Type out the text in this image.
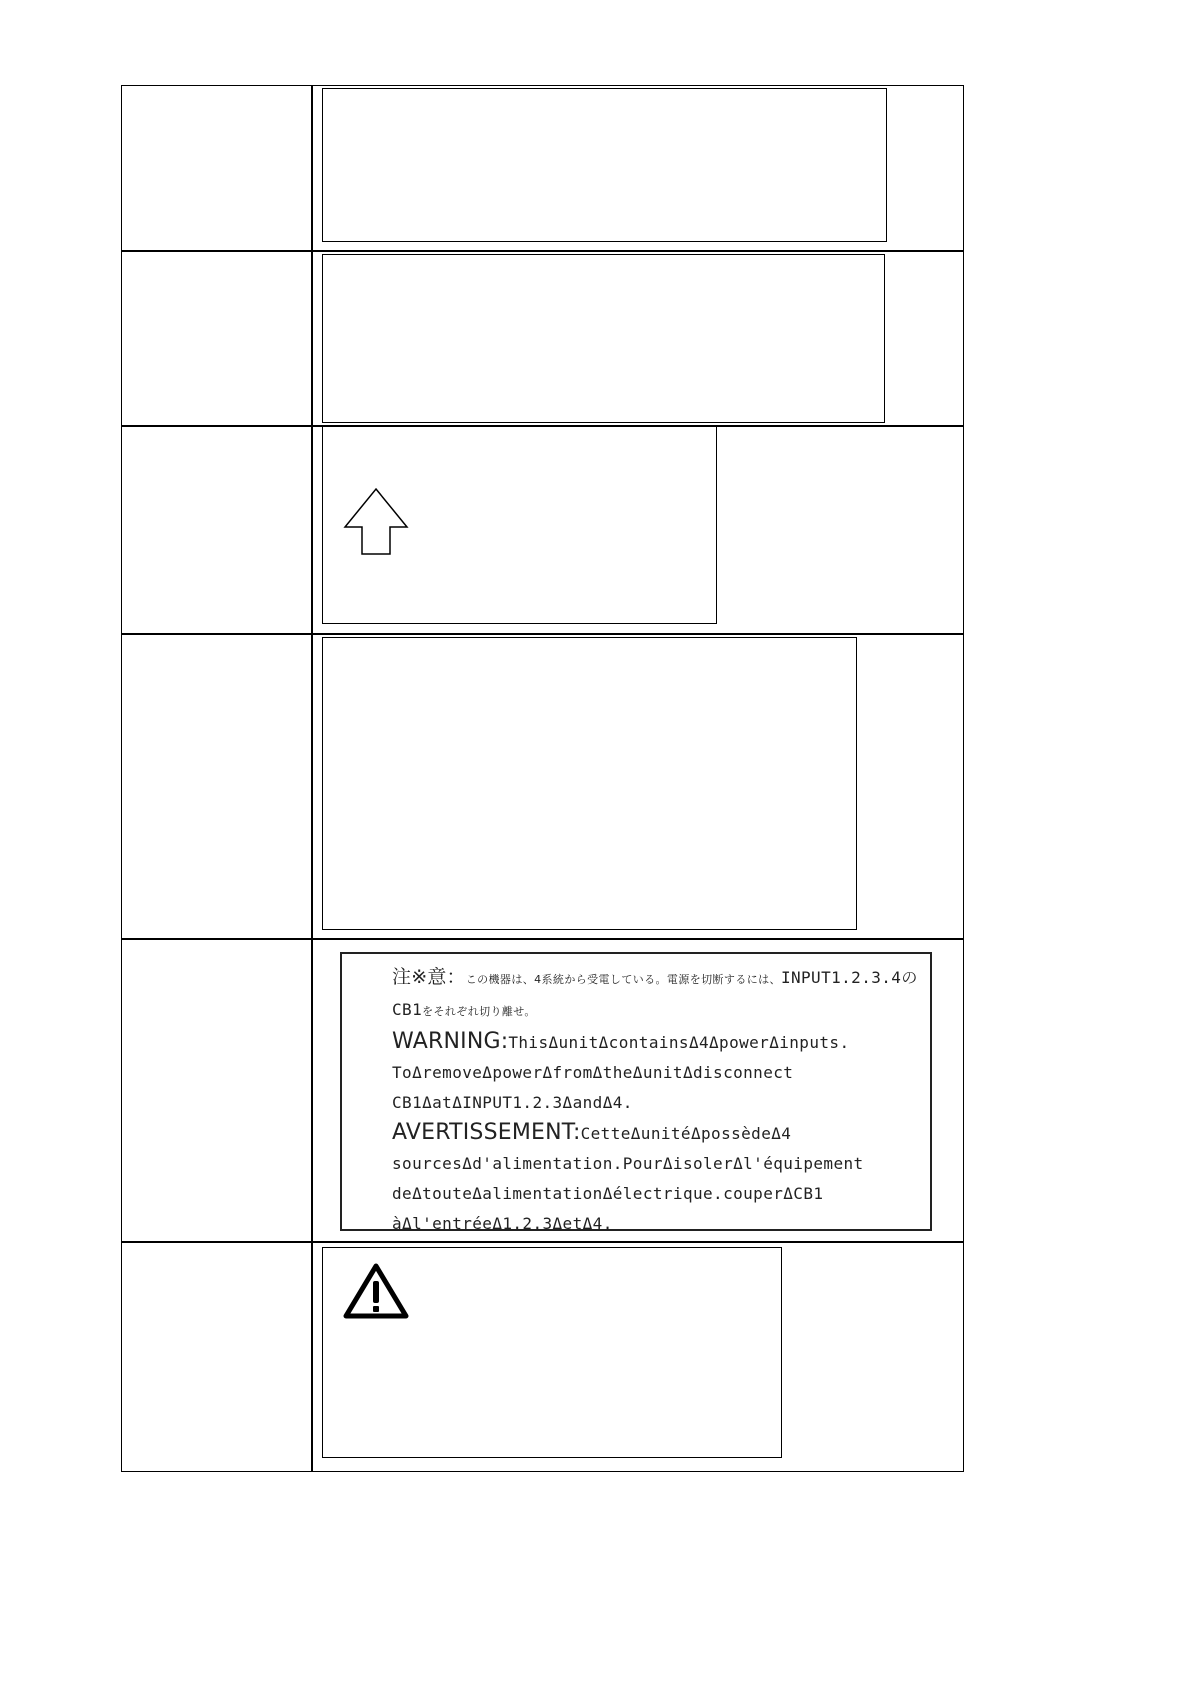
注※意：この機器は、4系統から受電している。電源を切断するには、INPUT1.2.3.4の
CB1をそれぞれ切り離せ。
WARNING:ThisΔunitΔcontainsΔ4ΔpowerΔinputs.
ToΔremoveΔpowerΔfromΔtheΔunitΔdisconnect
CB1ΔatΔINPUT1.2.3ΔandΔ4.
AVERTISSEMENT:CetteΔunitéΔpossèdeΔ4
sourcesΔd'alimentation.PourΔisolerΔl'équipement
deΔtouteΔalimentationΔélectrique.couperΔCB1
àΔl'entréeΔ1.2.3ΔetΔ4.
